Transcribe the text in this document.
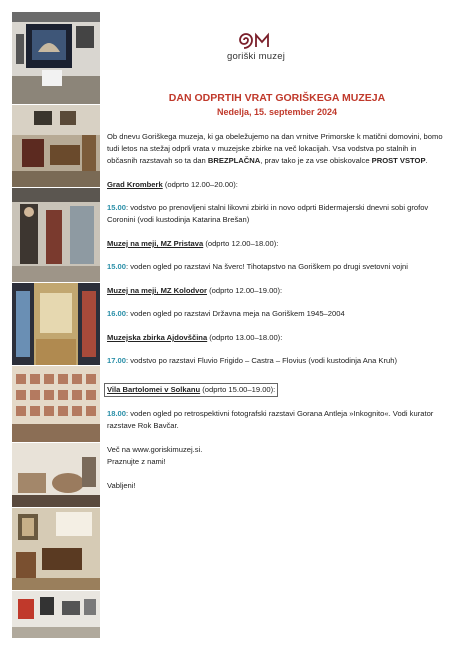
goriški muzej
DAN ODPRTIH VRAT GORIŠKEGA MUZEJA
Nedelja, 15. september 2024

Ob dnevu Goriškega muzeja, ki ga obeležujemo na dan vrnitve Primorske k matični domovini, bomo tudi letos na stežaj odprli vrata v muzejske zbirke na več lokacijah. Vsa vodstva po stalnih in občasnih razstavah so ta dan BREZPLAČNA, prav tako je za vse obiskovalce PROST VSTOP.

Grad Kromberk (odprto 12.00–20.00):

15.00: vodstvo po prenovljeni stalni likovni zbirki in novo odprti Bidermajerski dnevni sobi grofov Coronini (vodi kustodinja Katarina Brešan)

Muzej na meji, MZ Pristava (odprto 12.00–18.00):

15.00: voden ogled po razstavi Na šverc! Tihotapstvo na Goriškem po drugi svetovni vojni

Muzej na meji, MZ Kolodvor (odprto 12.00–19.00):

16.00: voden ogled po razstavi Državna meja na Goriškem 1945–2004

Muzejska zbirka Ajdovščina (odprto 13.00–18.00):

17.00: vodstvo po razstavi Fluvio Frigido – Castra – Flovius (vodi kustodinja Ana Kruh)

Vila Bartolomei v Solkanu (odprto 15.00–19.00):

18.00: voden ogled po retrospektivni fotografski razstavi Gorana Antleja »Inkognito«. Vodi kurator razstave Rok Bavčar.

Več na www.goriskimuzej.si.

Praznujte z nami!

Vabljeni!
